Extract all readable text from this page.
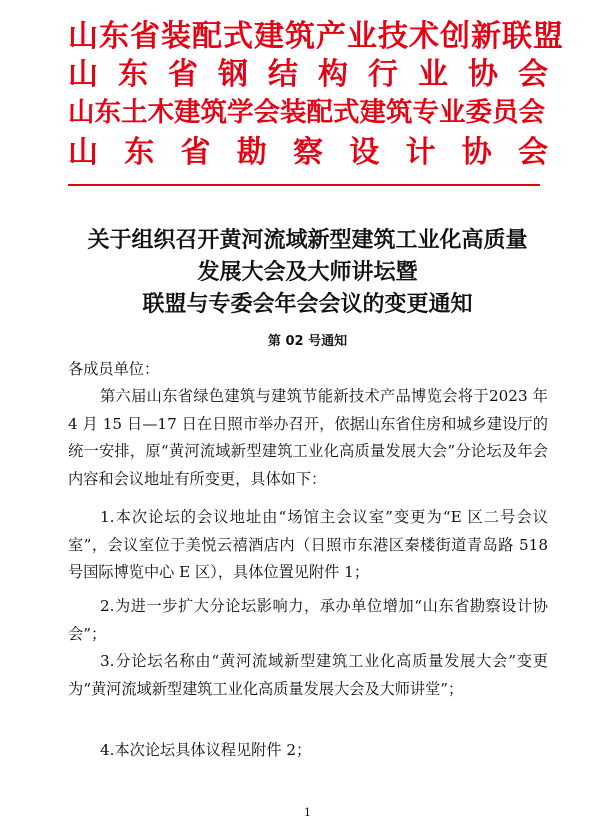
山东省装配式建筑产业技术创新联盟
山 东 省 钢 结 构 行 业 协 会
山东土木建筑学会装配式建筑专业委员会
山 东 省 勘 察 设 计 协 会
关于组织召开黄河流域新型建筑工业化高质量
发展大会及大师讲坛暨
联盟与专委会年会会议的变更通知
第 02 号通知
各成员单位：
第六届山东省绿色建筑与建筑节能新技术产品博览会将于2023 年 4 月 15 日—17 日在日照市举办召开，依据山东省住房和城乡建设厅的统一安排，原“黄河流域新型建筑工业化高质量发展大会”分论坛及年会内容和会议地址有所变更，具体如下：
1.本次论坛的会议地址由“场馆主会议室”变更为“E 区二号会议室”，会议室位于美悦云禧酒店内（日照市东港区秦楼街道青岛路 518 号国际博览中心 E 区），具体位置见附件 1；
2.为进一步扩大分论坛影响力，承办单位增加“山东省勘察设计协会”；
3.分论坛名称由“黄河流域新型建筑工业化高质量发展大会”变更为“黄河流域新型建筑工业化高质量发展大会及大师讲堂”；
4.本次论坛具体议程见附件 2；
1
